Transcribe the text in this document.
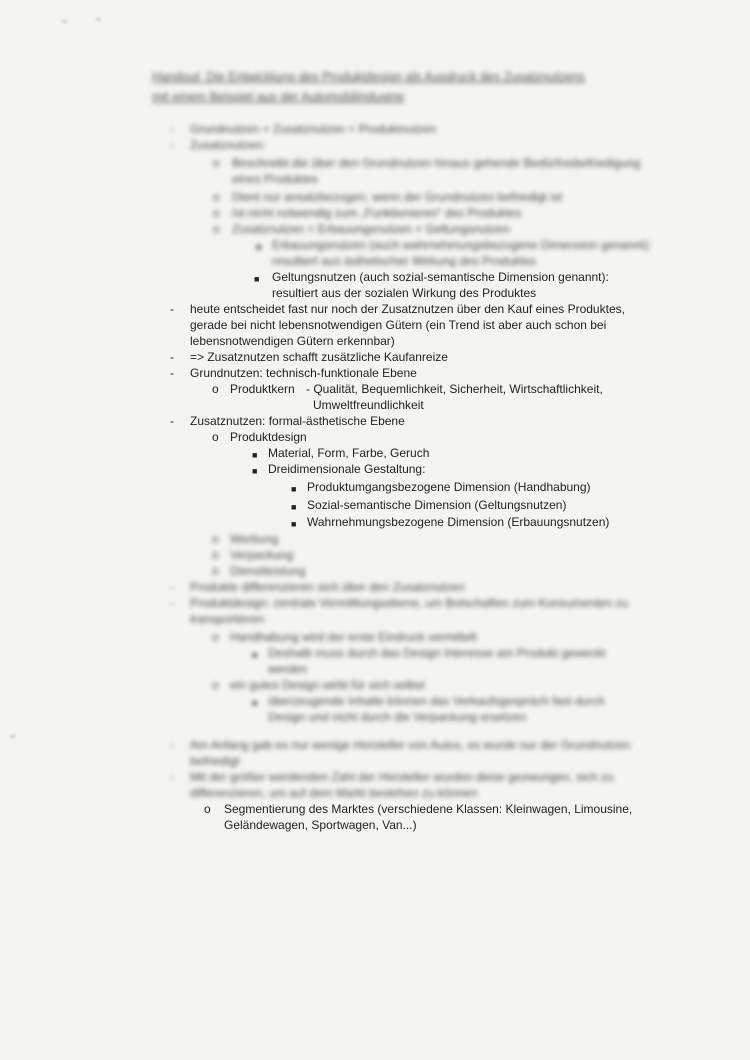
Handout: Die Entwicklung des Produktdesign als Ausdruck des Zusatznutzens
mit einem Beispiel aus der Automobilindustrie
- Grundnutzen + Zusatznutzen = Produktnutzen
- Zusatznutzen:
o Beschreibt die über den Grundnutzen hinaus gehende Bedürfnisbefriedigung
eines Produktes
o Dient nur ansatzbezogen, wenn der Grundnutzen befriedigt ist
o Ist nicht notwendig zum „Funktionieren“ des Produktes
o Zusatznutzen = Erbauungsnutzen + Geltungsnutzen
■ Erbauungsnutzen (auch wahrnehmungsbezogene Dimension genannt):
resultiert aus ästhetischer Wirkung des Produktes
■ Geltungsnutzen (auch sozial-semantische Dimension genannt):
resultiert aus der sozialen Wirkung des Produktes
- heute entscheidet fast nur noch der Zusatznutzen über den Kauf eines Produktes,
gerade bei nicht lebensnotwendigen Gütern (ein Trend ist aber auch schon bei
lebensnotwendigen Gütern erkennbar)
- => Zusatznutzen schafft zusätzliche Kaufanreize
- Grundnutzen: technisch-funktionale Ebene
o Produktkern - Qualität, Bequemlichkeit, Sicherheit, Wirtschaftlichkeit,
Umweltfreundlichkeit
- Zusatznutzen: formal-ästhetische Ebene
o Produktdesign
■ Material, Form, Farbe, Geruch
■ Dreidimensionale Gestaltung:
■ Produktumgangsbezogene Dimension (Handhabung)
■ Sozial-semantische Dimension (Geltungsnutzen)
■ Wahrnehmungsbezogene Dimension (Erbauungsnutzen)
o Werbung
o Verpackung
o Dienstleistung
- Produkte differenzieren sich über den Zusatznutzen
- Produktdesign: zentrale Vermittlungsebene, um Botschaften zum Konsumenten zu
transportieren
o Handhabung wird der erste Eindruck vermittelt
■ Deshalb muss durch das Design Interesse am Produkt geweckt
werden
o ein gutes Design wirbt für sich selbst
■ überzeugende Inhalte können das Verkaufsgespräch fast durch
Design und nicht durch die Verpackung ersetzen
- Am Anfang gab es nur wenige Hersteller von Autos, es wurde nur der Grundnutzen
befriedigt
- Mit der größer werdenden Zahl der Hersteller wurden diese gezwungen, sich zu
differenzieren, um auf dem Markt bestehen zu können
o Segmentierung des Marktes (verschiedene Klassen: Kleinwagen, Limousine,
Geländewagen, Sportwagen, Van...)
